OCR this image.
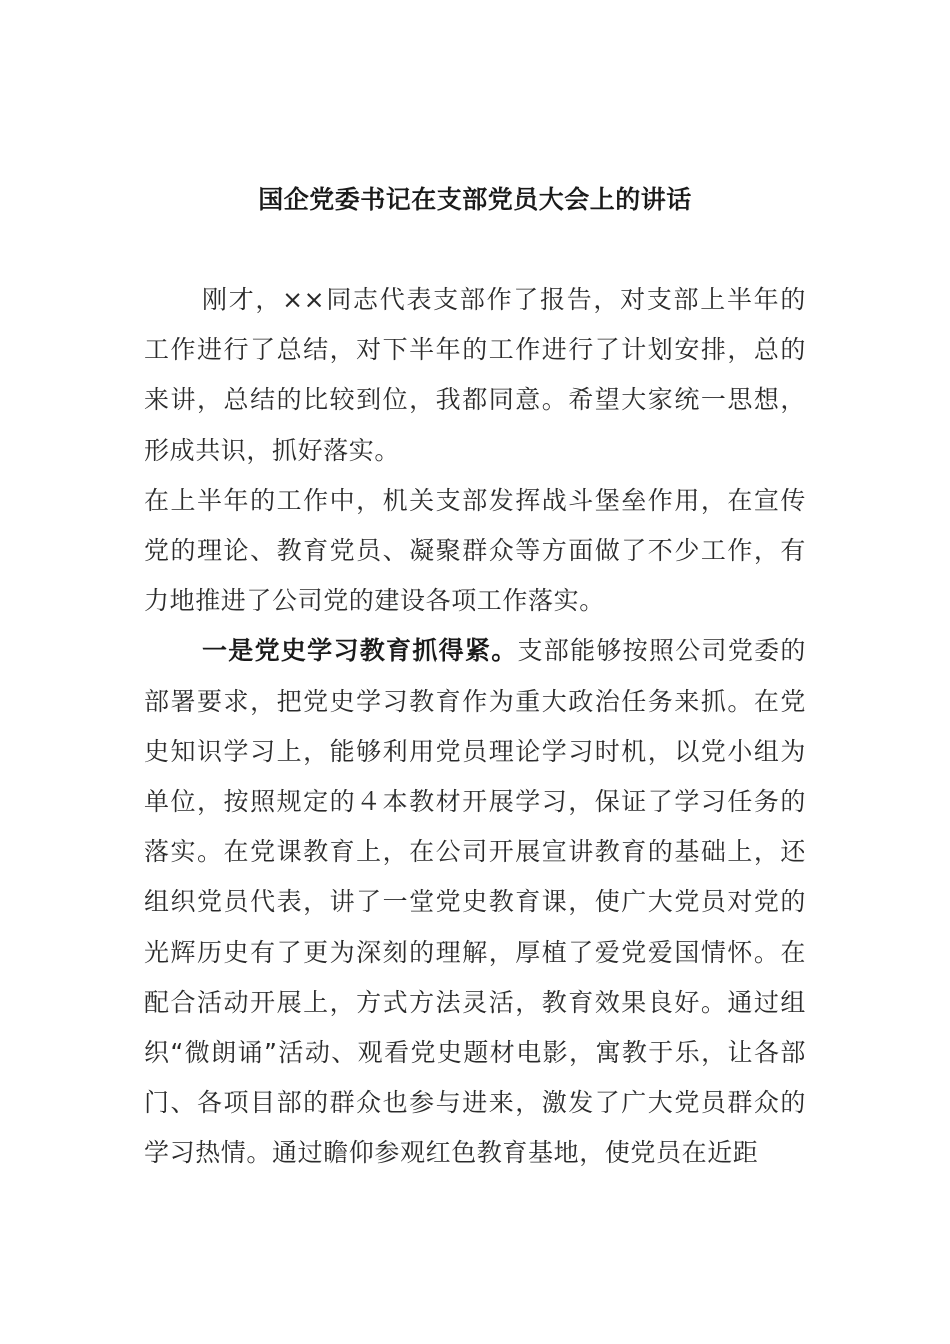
国企党委书记在支部党员大会上的讲话

刚才，××同志代表支部作了报告，对支部上半年的工作进行了总结，对下半年的工作进行了计划安排，总的来讲，总结的比较到位，我都同意。希望大家统一思想，形成共识，抓好落实。

在上半年的工作中，机关支部发挥战斗堡垒作用，在宣传党的理论、教育党员、凝聚群众等方面做了不少工作，有力地推进了公司党的建设各项工作落实。

一是党史学习教育抓得紧。支部能够按照公司党委的部署要求，把党史学习教育作为重大政治任务来抓。在党史知识学习上，能够利用党员理论学习时机，以党小组为单位，按照规定的４本教材开展学习，保证了学习任务的落实。在党课教育上，在公司开展宣讲教育的基础上，还组织党员代表，讲了一堂党史教育课，使广大党员对党的光辉历史有了更为深刻的理解，厚植了爱党爱国情怀。在配合活动开展上，方式方法灵活，教育效果良好。通过组织“微朗诵”活动、观看党史题材电影，寓教于乐，让各部门、各项目部的群众也参与进来，激发了广大党员群众的学习热情。通过瞻仰参观红色教育基地，使党员在近距
